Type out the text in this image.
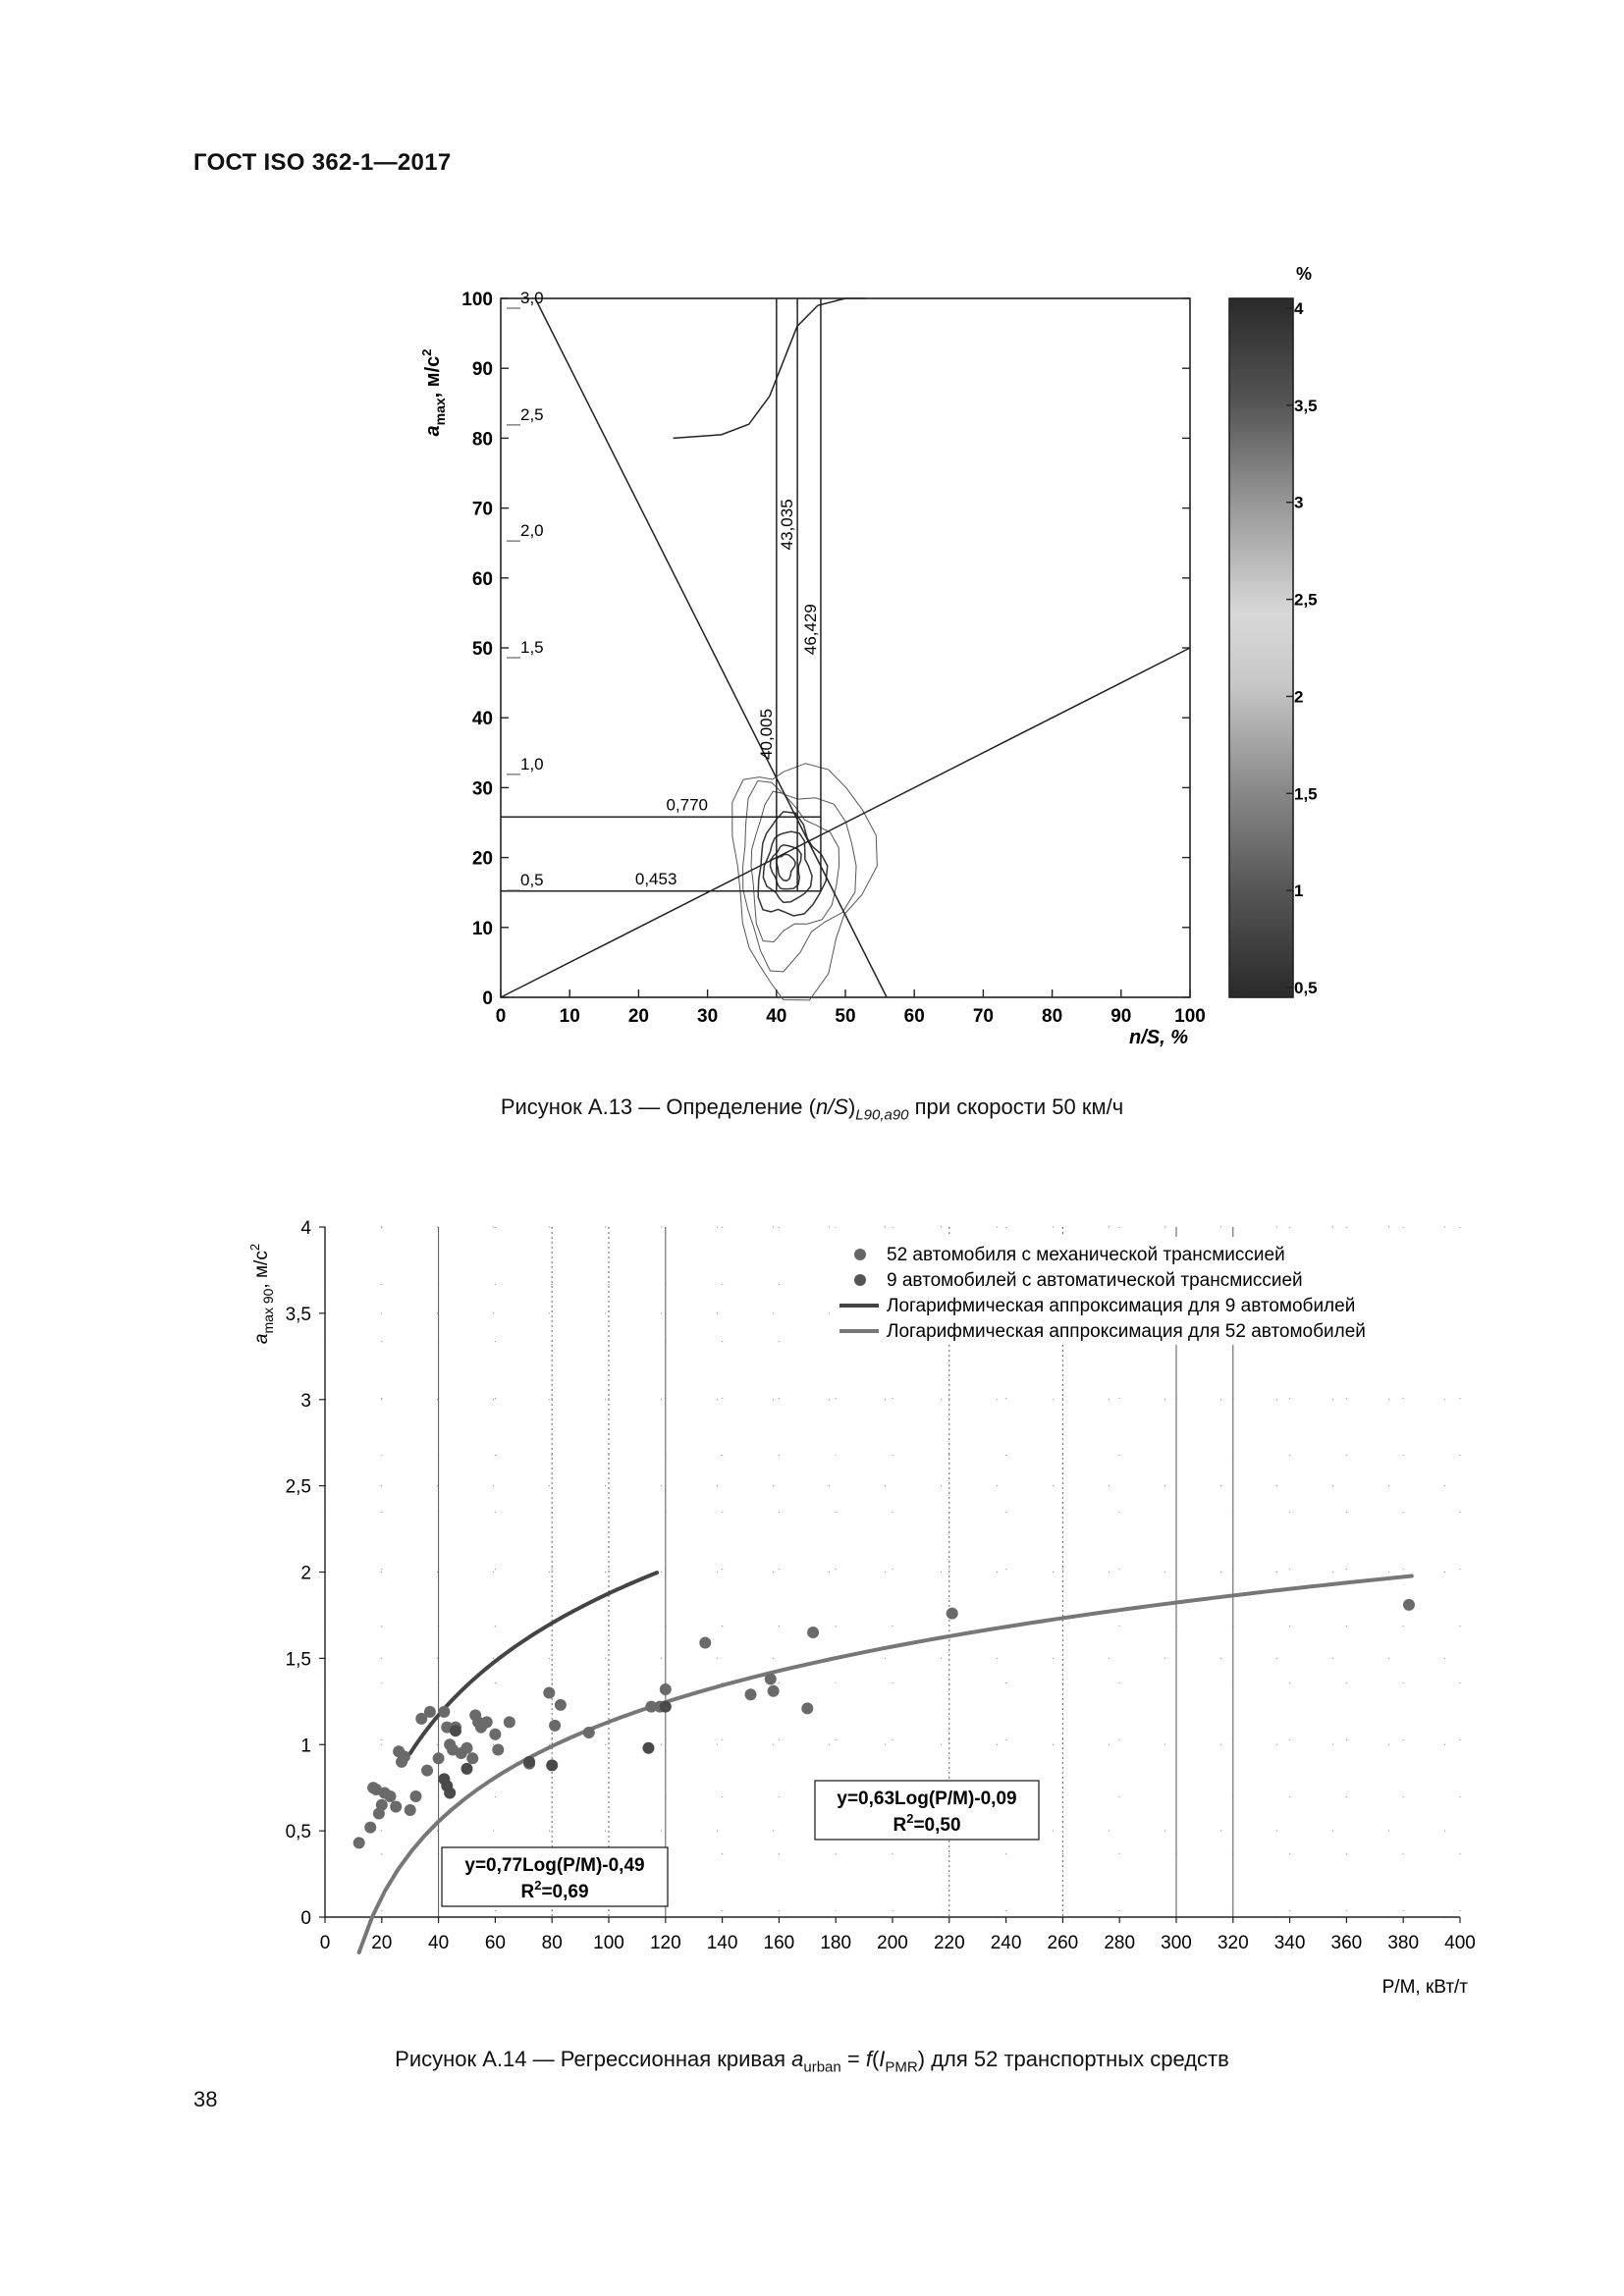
ГОСТ ISO 362-1—2017
40,005
43,035
46,429
0,770
0,453
0	10	20	30	40	50	60	70	80	90 100
0
10
20
30
40
50
60
70
80
90
100 3,0
2,5
2,0
1,5
1,0
0,5
$a_{max}$, $м/с^2$
n/S, %
%
4
3,5
3
2,5
2
1,5
1
0,5
Рисунок А.13 — Определение $(n/S)_{L90,a90}$ при скорости 50 км/ч
0 20 40 60 80 100 120 140 160 180 200 220 240 260 280 300 320 340 360 380 400
0
0,5
1
1,5
2
2,5
3
3,5
4
$a_{max 90}$, $м/с^2$
P/M, кВт/т
52 автомобиля с механической трансмиссией
9 автомобилей с автоматической трансмиссией
Логарифмическая аппроксимация для 9 автомобилей
Логарифмическая аппроксимация для 52 автомобилей
y=0,77Log(P/M)-0,49
$R^2=0,69$
y=0,63Log(P/M)-0,09
$R^2=0,50$
Рисунок А.14 — Регрессионная кривая $a_{urban} = f(I_{PMR})$ для 52 транспортных средств
38
